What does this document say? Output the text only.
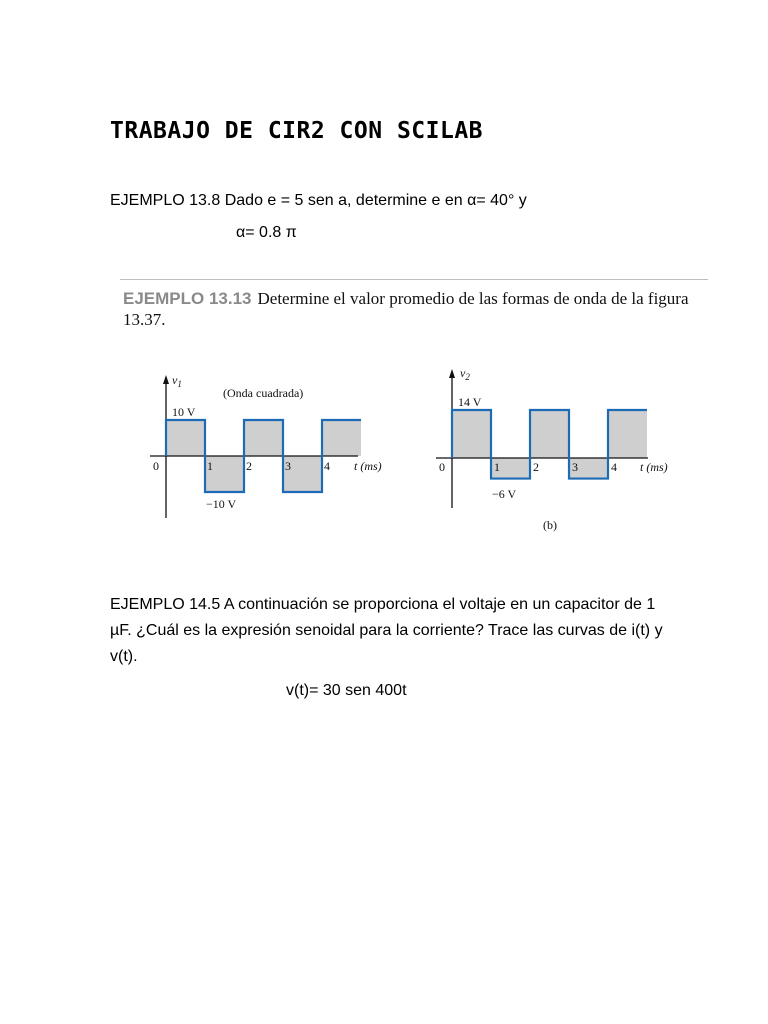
TRABAJO DE CIR2 CON SCILAB

EJEMPLO 13.8 Dado e = 5 sen a, determine e en α= 40° y

α= 0.8 π

EJEMPLO 13.13 Determine el valor promedio de las formas de onda de la figura 13.37.

$v_1$
(Onda cuadrada)
10 V
−10 V
0	1	2	3	4 t (ms)
$v_2$
14 V
−6 V
0	1	2	3	4 t (ms)
(b)

EJEMPLO 14.5 A continuación se proporciona el voltaje en un capacitor de 1 µF. ¿Cuál es la expresión senoidal para la corriente? Trace las curvas de i(t) y v(t).

v(t)= 30 sen 400t
